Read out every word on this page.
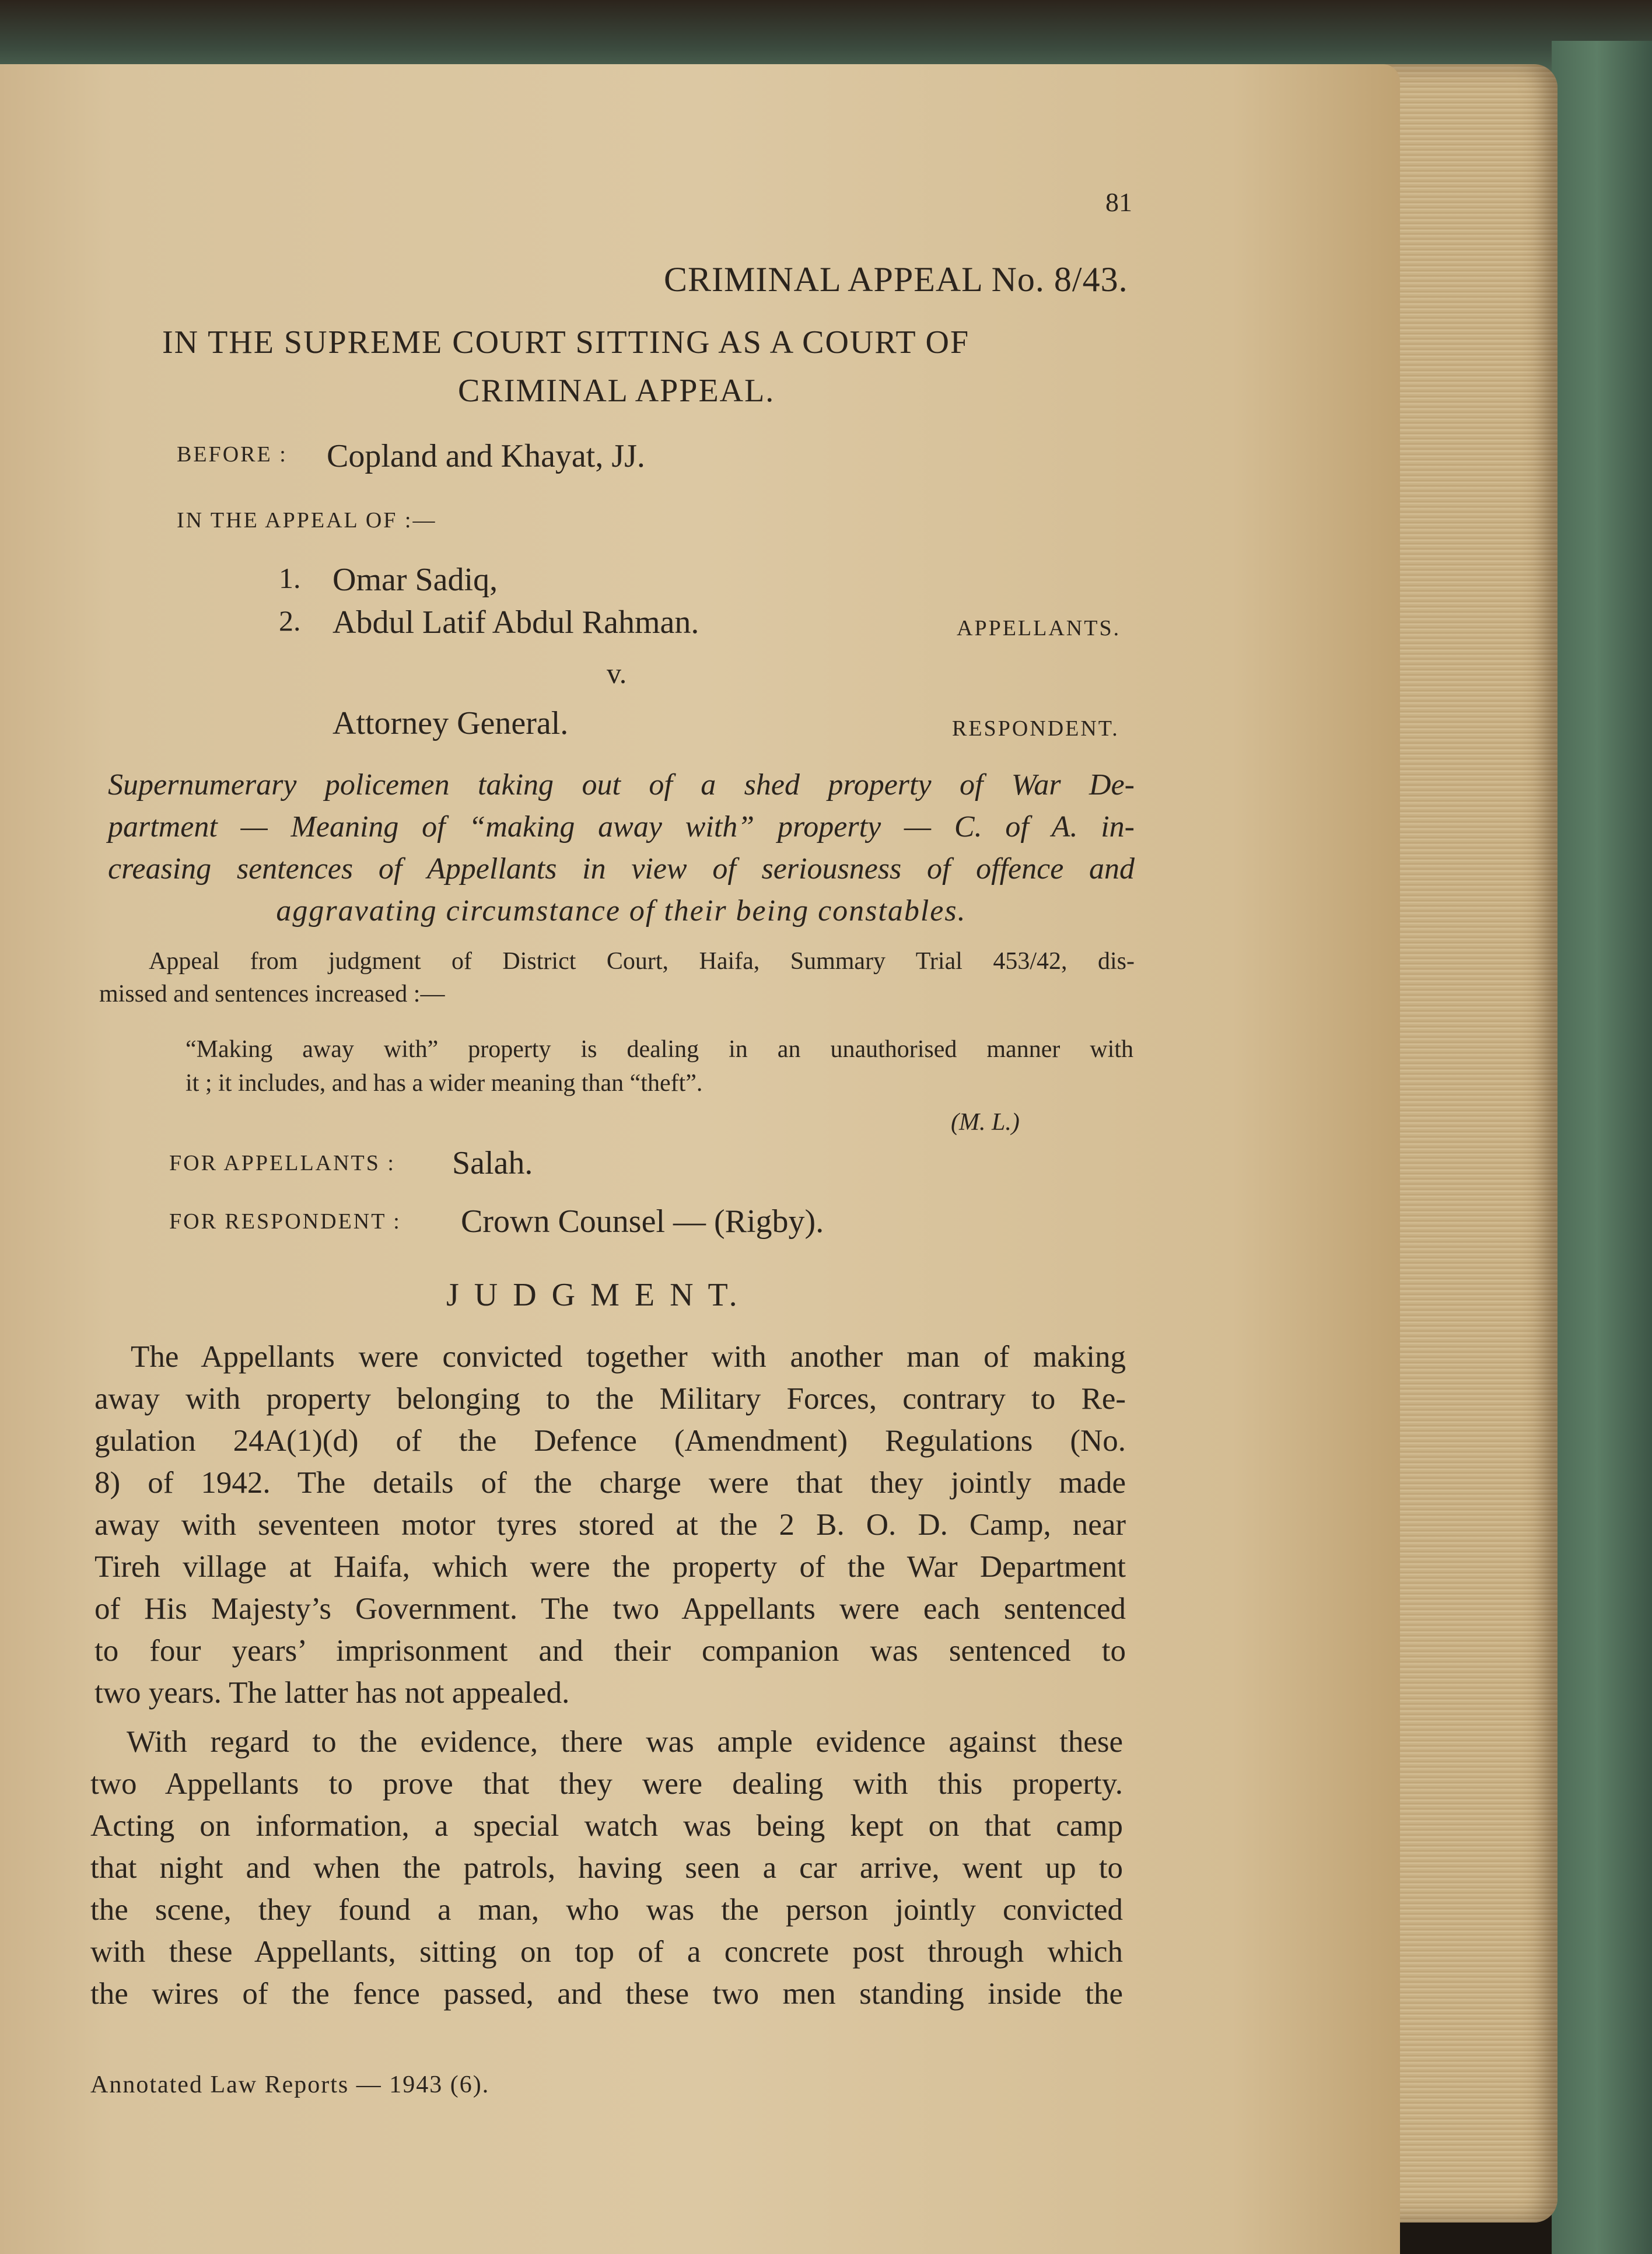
81
CRIMINAL APPEAL No. 8/43.
IN THE SUPREME COURT SITTING AS A COURT OF
CRIMINAL APPEAL.
BEFORE : Copland and Khayat, JJ.
IN THE APPEAL OF :—
1. Omar Sadiq,
2. Abdul Latif Abdul Rahman.	APPELLANTS.
v.
Attorney General.	RESPONDENT.
Supernumerary policemen taking out of a shed property of War De-
partment — Meaning of “making away with” property — C. of A. in-
creasing sentences of Appellants in view of seriousness of offence and
aggravating circumstance of their being constables.
Appeal from judgment of District Court, Haifa, Summary Trial 453/42, dis-
missed and sentences increased :—
“Making away with” property is dealing in an unauthorised manner with
it ; it includes, and has a wider meaning than “theft”.
(M. L.)
FOR APPELLANTS : Salah.
FOR RESPONDENT : Crown Counsel — (Rigby).
J U D G M E N T.
The Appellants were convicted together with another man of making
away with property belonging to the Military Forces, contrary to Re-
gulation 24A(1)(d) of the Defence (Amendment) Regulations (No.
8) of 1942. The details of the charge were that they jointly made
away with seventeen motor tyres stored at the 2 B. O. D. Camp, near
Tireh village at Haifa, which were the property of the War Department
of His Majesty’s Government. The two Appellants were each sentenced
to four years’ imprisonment and their companion was sentenced to
two years. The latter has not appealed.
With regard to the evidence, there was ample evidence against these
two Appellants to prove that they were dealing with this property.
Acting on information, a special watch was being kept on that camp
that night and when the patrols, having seen a car arrive, went up to
the scene, they found a man, who was the person jointly convicted
with these Appellants, sitting on top of a concrete post through which
the wires of the fence passed, and these two men standing inside the
Annotated Law Reports — 1943 (6).
